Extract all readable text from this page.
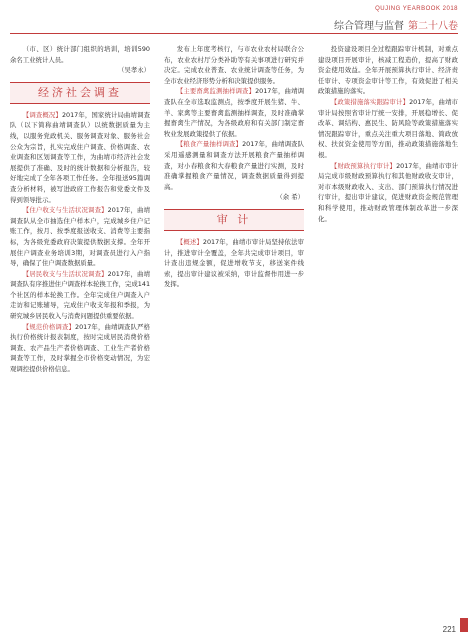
QUJING YEARBOOK 2018
综合管理与监督 第二十八卷

（市、区）统计部门组织的培训，培训590余名工业统计人员。

（吴孝永）

经济社会调查

【调查概况】2017年，国家统计局曲靖调查队（以下简称曲靖调查队）以统数据质量为主线，以服务党政机关、服务调查对象、服务社会公众为宗旨，扎实完成住户调查、价格调查、农业调查和区划调查等工作，为曲靖市经济社会发展提供了准确、及时的统计数据和分析报告，较好地完成了全年各项工作任务。全年报送95篇调查分析材料，被写进政府工作报告和党委文件及得到领导批示。

【住户收支与生活状况调查】2017年，曲靖调查队从全市抽选住户样本户，完成城乡住户记账工作，按月、按季度报送收支、消费等主要指标，为各级党委政府决策提供数据支撑。全年开展住户调查业务培训3期，对调查员进行入户指导，确保了住户调查数据质量。

【居民收支与生活状况调查】2017年，曲靖调查队有序推进住户调查样本轮换工作，完成141个社区的样本轮换工作。全年完成住户调查入户走访和记账辅导，完成住户收支年报和季报，为研究城乡居民收入与消费问题提供重要依据。

【规范价格调查】2017年，曲靖调查队严格执行价格统计报表制度，按时完成居民消费价格调查、农产品生产者价格调查、工业生产者价格调查等工作，及时掌握全市价格变动情况，为宏观调控提供价格信息。

发布上年度考核行，与市农业农村局联合公布，农业农村厅分类补助等有关事项进行研究并决定。完成农业普查、农业统计调查等任务，为全市农业经济形势分析和决策提供服务。

【主要畜禽监测抽样调查】2017年，曲靖调查队在全市选取监测点，按季度开展生猪、牛、羊、家禽等主要畜禽监测抽样调查，及时准确掌握畜禽生产情况，为各级政府和有关部门制定畜牧业发展政策提供了依据。

【粮食产量抽样调查】2017年，曲靖调查队采用遥感测量和调查方法开展粮食产量抽样调查，对小春粮食和大春粮食产量进行实测，及时准确掌握粮食产量情况，调查数据质量得到提高。

（余 希）

审 计

【概述】2017年，曲靖市审计局坚持依法审计，推进审计全覆盖，全年共完成审计项目，审计查出违规金额，促进增收节支，移送案件线索，提出审计建议被采纳，审计监督作用进一步发挥。

投资建设项目全过程跟踪审计机制，对重点建设项目开展审计，核减工程造价，提高了财政资金使用效益。全年开展预算执行审计、经济责任审计、专项资金审计等工作，有效促进了相关政策措施的落实。

【政策措施落实跟踪审计】2017年，曲靖市审计局按照省审计厅统一安排，开展稳增长、促改革、调结构、惠民生、防风险等政策措施落实情况跟踪审计，重点关注重大项目落地、简政放权、扶贫资金使用等方面，推动政策措施落地生根。

【财政预算执行审计】2017年，曲靖市审计局完成市级财政预算执行和其他财政收支审计，对市本级财政收入、支出、部门预算执行情况进行审计，提出审计建议，促进财政资金规范管理和科学使用，推动财政管理体制改革进一步深化。

221
